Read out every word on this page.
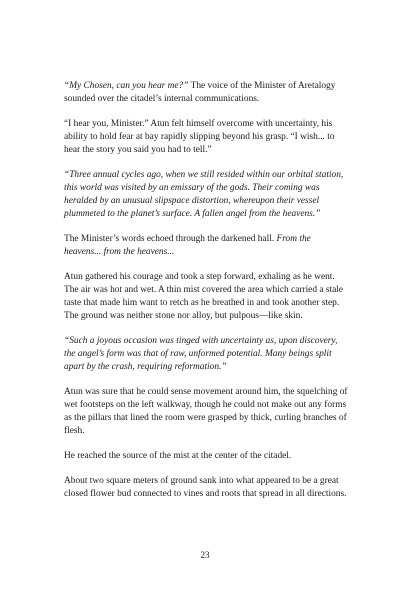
“My Chosen, can you hear me?” The voice of the Minister of Aretalogy sounded over the citadel’s internal communications.

“I hear you, Minister.” Atun felt himself overcome with uncertainty, his ability to hold fear at bay rapidly slipping beyond his grasp. “I wish... to hear the story you said you had to tell.”

“Three annual cycles ago, when we still resided within our orbital station, this world was visited by an emissary of the gods. Their coming was heralded by an unusual slipspace distortion, whereupon their vessel plummeted to the planet’s surface. A fallen angel from the heavens.”

The Minister’s words echoed through the darkened hall. From the heavens... from the heavens...

Atun gathered his courage and took a step forward, exhaling as he went. The air was hot and wet. A thin mist covered the area which carried a stale taste that made him want to retch as he breathed in and took another step. The ground was neither stone nor alloy, but pulpous—like skin.

“Such a joyous occasion was tinged with uncertainty as, upon discovery, the angel’s form was that of raw, unformed potential. Many beings split apart by the crash, requiring reformation.”

Atun was sure that he could sense movement around him, the squelching of wet footsteps on the left walkway, though he could not make out any forms as the pillars that lined the room were grasped by thick, curling branches of flesh.

He reached the source of the mist at the center of the citadel.

About two square meters of ground sank into what appeared to be a great closed flower bud connected to vines and roots that spread in all directions.

23
